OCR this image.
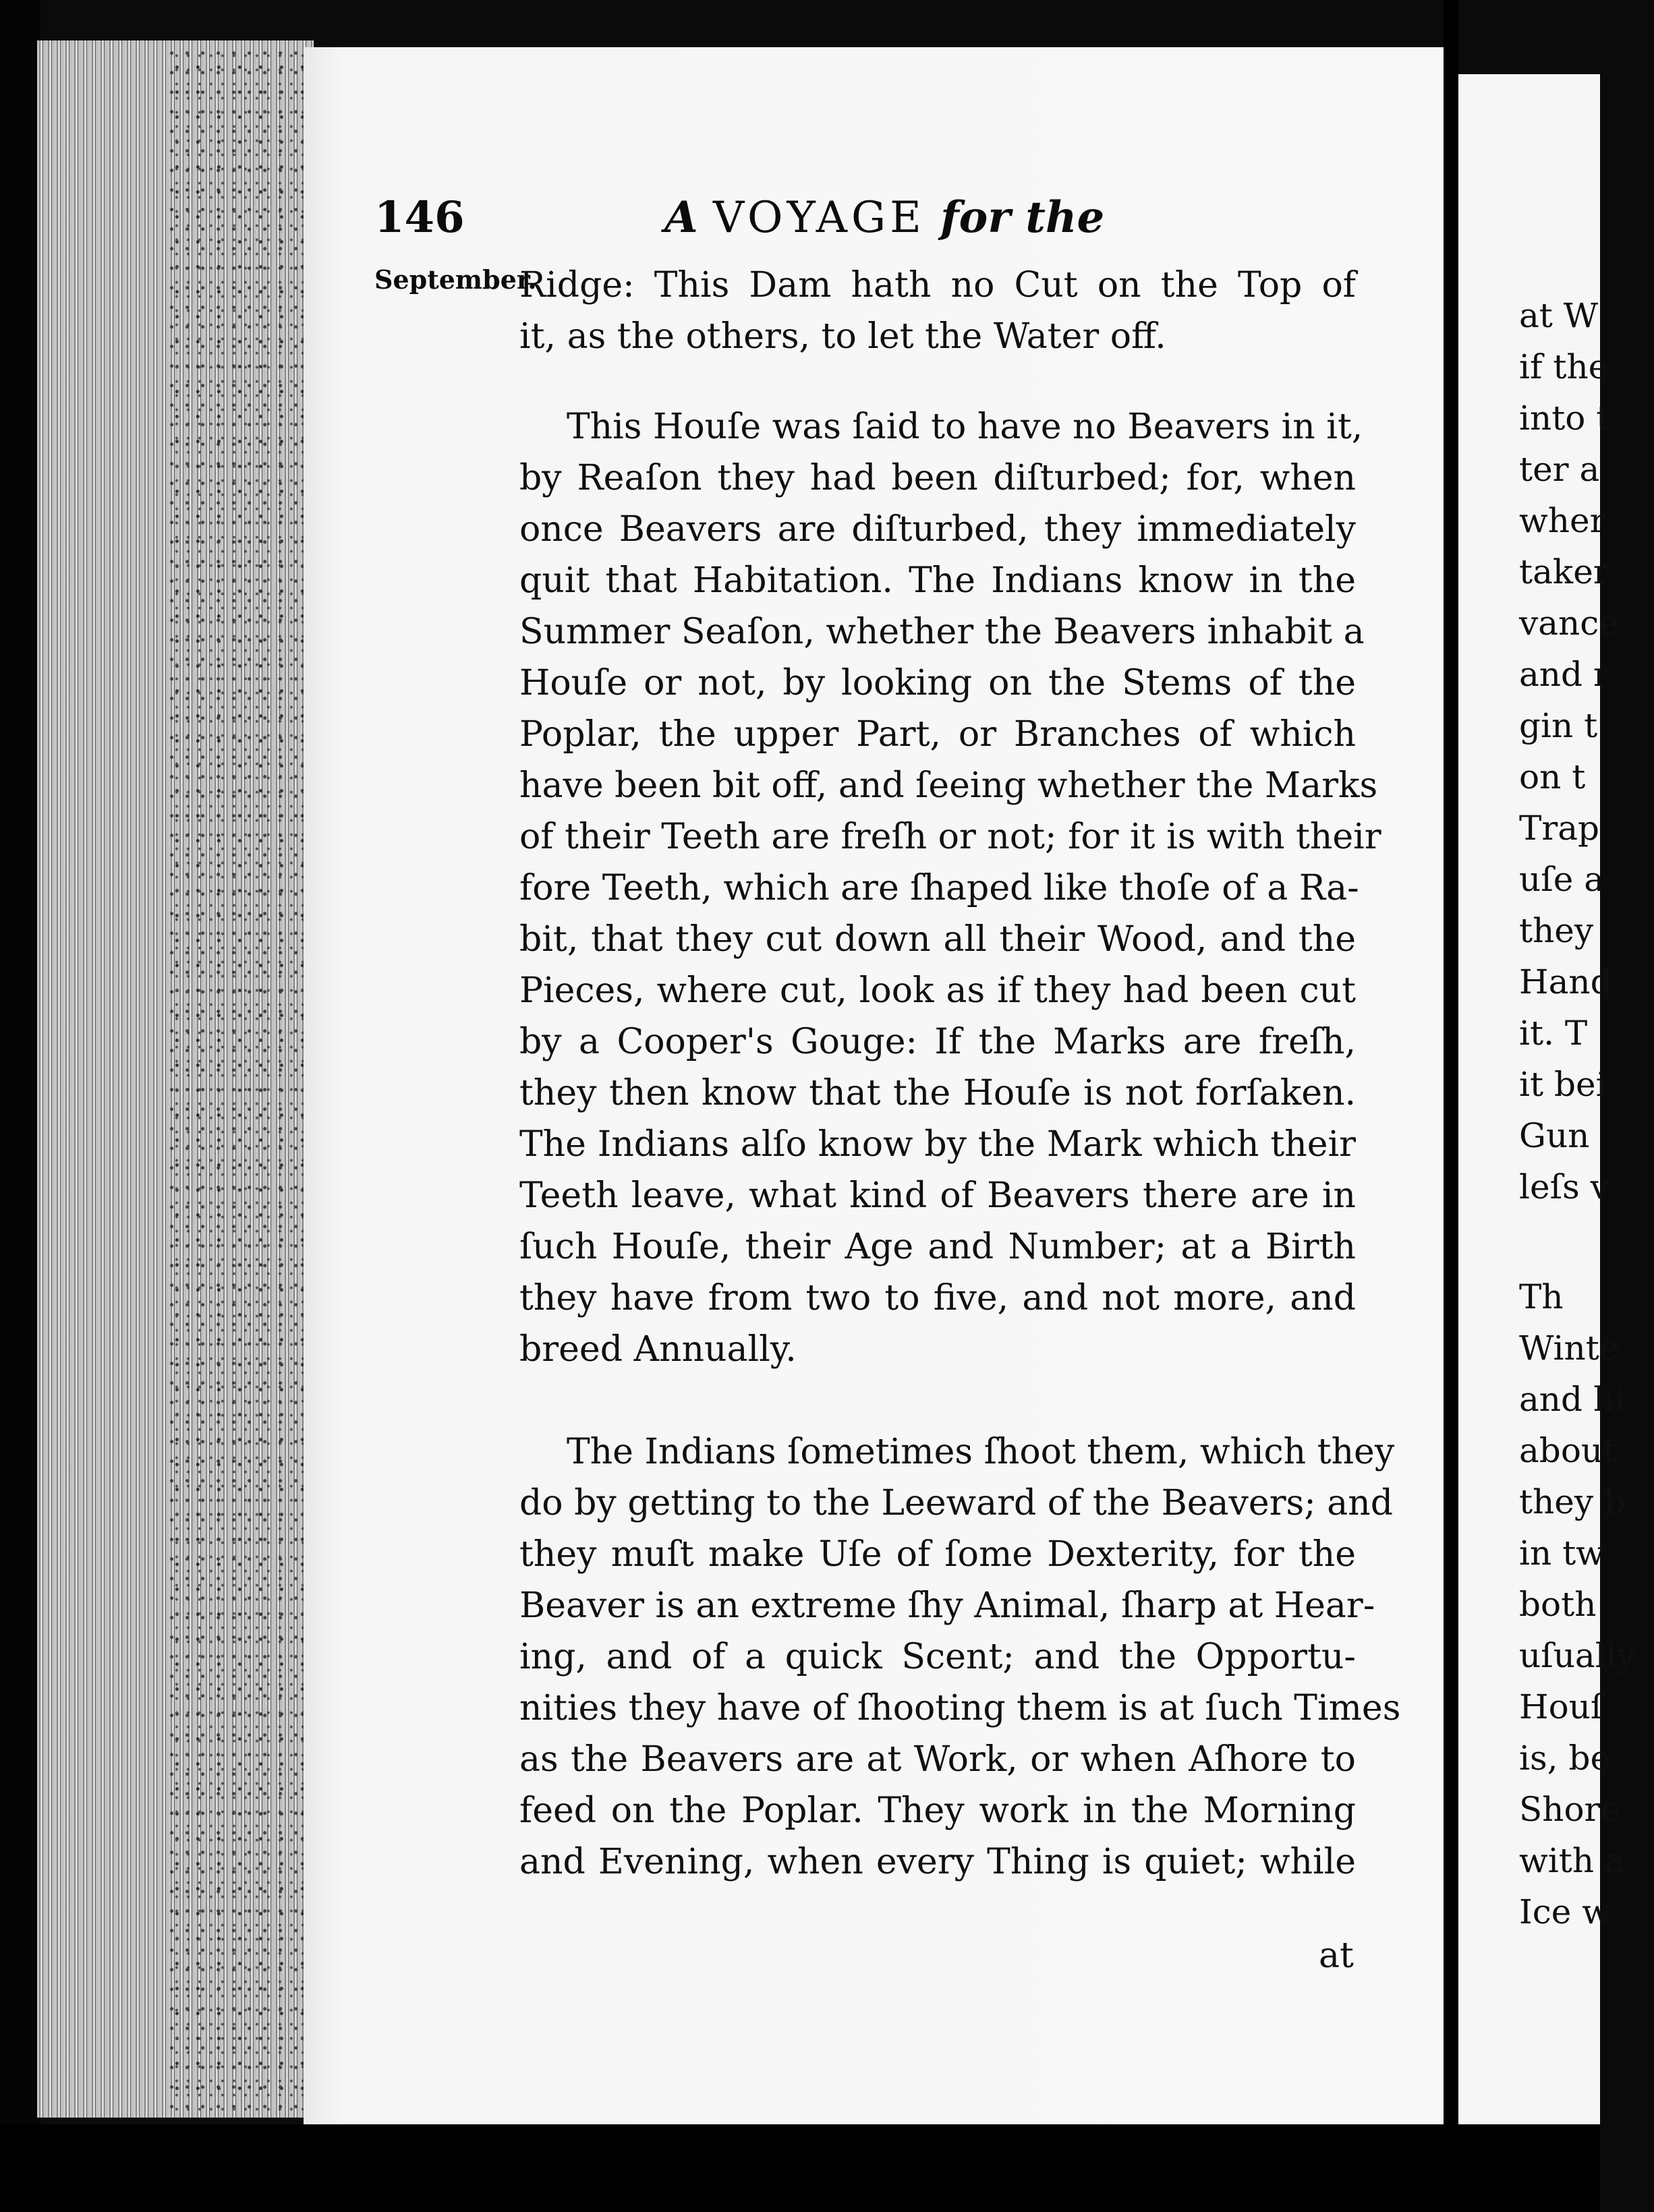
146	A VOYAGE for the
September.
Ridge: This Dam hath no Cut on the Top of
it, as the others, to let the Water off.
This Houſe was ſaid to have no Beavers in it,
by Reaſon they had been diſturbed; for, when
once Beavers are diſturbed, they immediately
quit that Habitation. The Indians know in the
Summer Seaſon, whether the Beavers inhabit a
Houſe or not, by looking on the Stems of the
Poplar, the upper Part, or Branches of which
have been bit off, and ſeeing whether the Marks
of their Teeth are freſh or not; for it is with their
fore Teeth, which are ſhaped like thoſe of a Ra-
bit, that they cut down all their Wood, and the
Pieces, where cut, look as if they had been cut
by a Cooper's Gouge: If the Marks are freſh,
they then know that the Houſe is not forſaken.
The Indians alſo know by the Mark which their
Teeth leave, what kind of Beavers there are in
ſuch Houſe, their Age and Number; at a Birth
they have from two to five, and not more, and
breed Annually.
The Indians ſometimes ſhoot them, which they
do by getting to the Leeward of the Beavers; and
they muſt make Uſe of ſome Dexterity, for the
Beaver is an extreme ſhy Animal, ſharp at Hear-
ing, and of a quick Scent; and the Opportu-
nities they have of ſhooting them is at ſuch Times
as the Beavers are at Work, or when Aſhore to
feed on the Poplar. They work in the Morning
and Evening, when every Thing is quiet; while
at
at W
if the
into t
ter a
wher
taker
vance
and r
gin t
on t
Trap
uſe a
they
Hand
it. T
it bei
Gun
leſs v
Th
Winte
and hi
about
they b
in tw
both
uſually
Houſ
is, be
Shore
with a
Ice w
